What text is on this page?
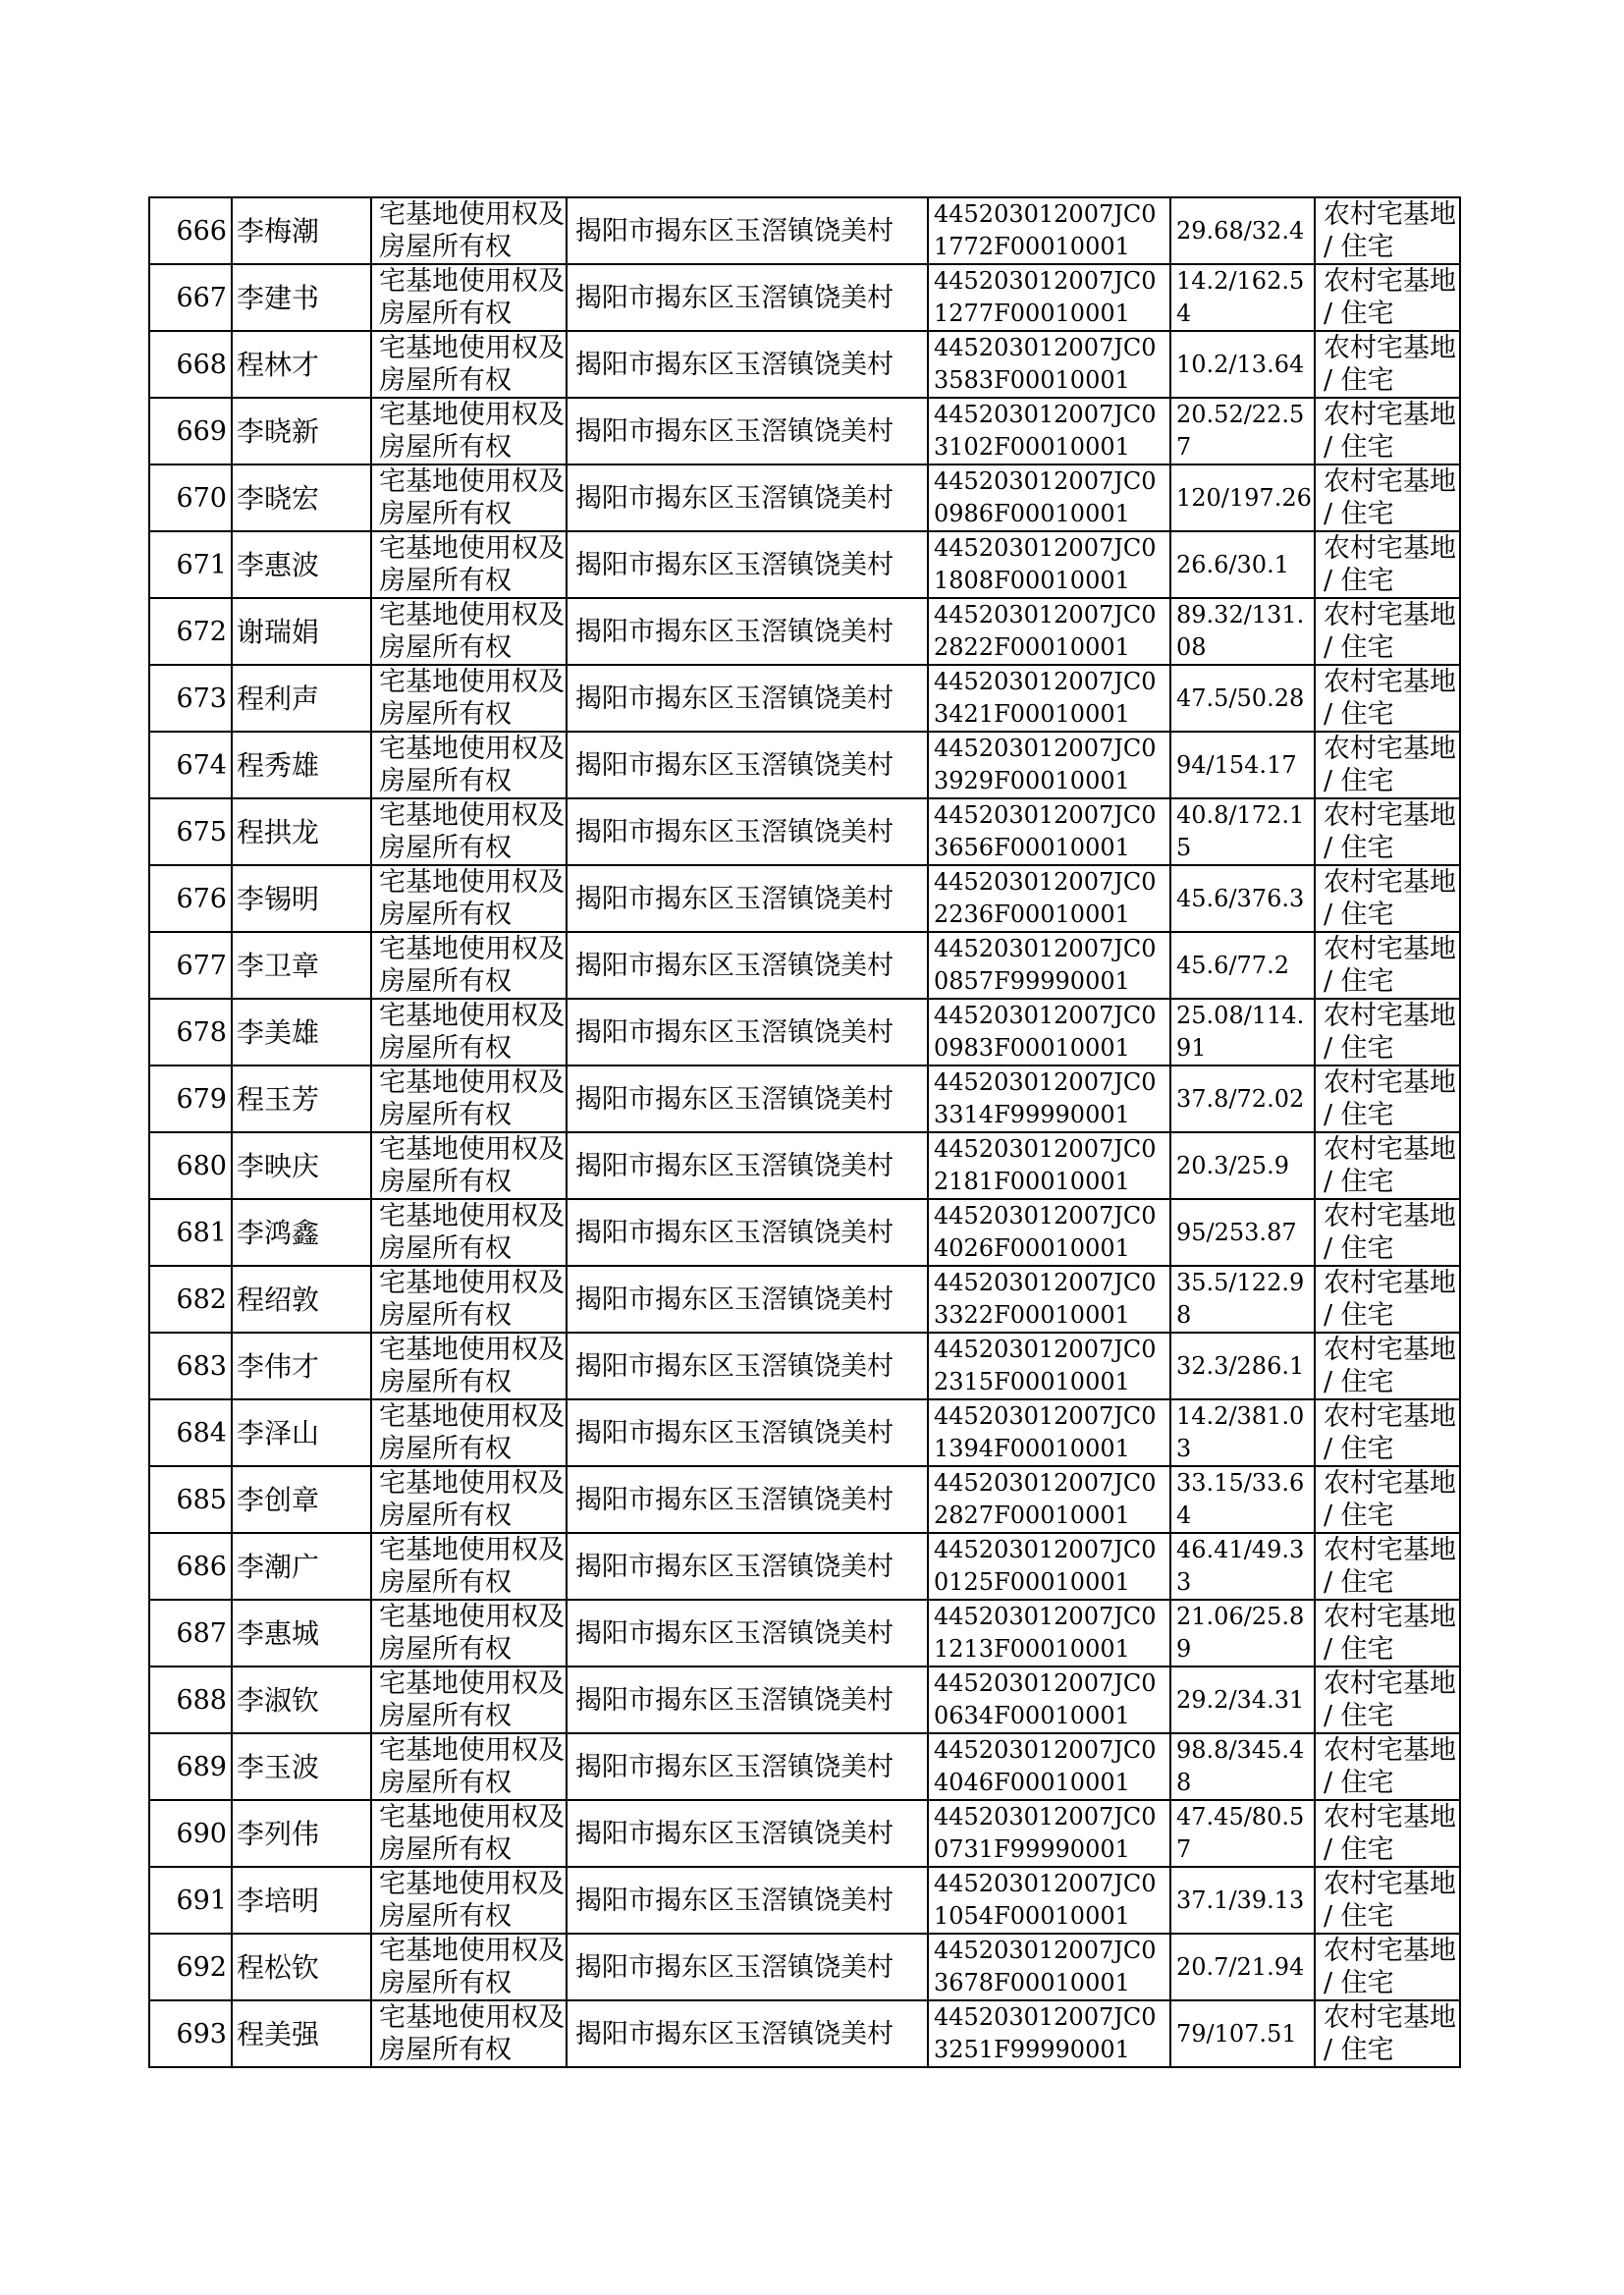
666	李梅潮	宅基地使用权及房屋所有权	揭阳市揭东区玉滘镇饶美村	445203012007JC01772F00010001	29.68/32.4	农村宅基地 / 住宅
667	李建书	宅基地使用权及房屋所有权	揭阳市揭东区玉滘镇饶美村	445203012007JC01277F00010001	14.2/162.54	农村宅基地 / 住宅
668	程林才	宅基地使用权及房屋所有权	揭阳市揭东区玉滘镇饶美村	445203012007JC03583F00010001	10.2/13.64	农村宅基地 / 住宅
669	李晓新	宅基地使用权及房屋所有权	揭阳市揭东区玉滘镇饶美村	445203012007JC03102F00010001	20.52/22.57	农村宅基地 / 住宅
670	李晓宏	宅基地使用权及房屋所有权	揭阳市揭东区玉滘镇饶美村	445203012007JC00986F00010001	120/197.26	农村宅基地 / 住宅
671	李惠波	宅基地使用权及房屋所有权	揭阳市揭东区玉滘镇饶美村	445203012007JC01808F00010001	26.6/30.1	农村宅基地 / 住宅
672	谢瑞娟	宅基地使用权及房屋所有权	揭阳市揭东区玉滘镇饶美村	445203012007JC02822F00010001	89.32/131.08	农村宅基地 / 住宅
673	程利声	宅基地使用权及房屋所有权	揭阳市揭东区玉滘镇饶美村	445203012007JC03421F00010001	47.5/50.28	农村宅基地 / 住宅
674	程秀雄	宅基地使用权及房屋所有权	揭阳市揭东区玉滘镇饶美村	445203012007JC03929F00010001	94/154.17	农村宅基地 / 住宅
675	程拱龙	宅基地使用权及房屋所有权	揭阳市揭东区玉滘镇饶美村	445203012007JC03656F00010001	40.8/172.15	农村宅基地 / 住宅
676	李锡明	宅基地使用权及房屋所有权	揭阳市揭东区玉滘镇饶美村	445203012007JC02236F00010001	45.6/376.3	农村宅基地 / 住宅
677	李卫章	宅基地使用权及房屋所有权	揭阳市揭东区玉滘镇饶美村	445203012007JC00857F99990001	45.6/77.2	农村宅基地 / 住宅
678	李美雄	宅基地使用权及房屋所有权	揭阳市揭东区玉滘镇饶美村	445203012007JC00983F00010001	25.08/114.91	农村宅基地 / 住宅
679	程玉芳	宅基地使用权及房屋所有权	揭阳市揭东区玉滘镇饶美村	445203012007JC03314F99990001	37.8/72.02	农村宅基地 / 住宅
680	李映庆	宅基地使用权及房屋所有权	揭阳市揭东区玉滘镇饶美村	445203012007JC02181F00010001	20.3/25.9	农村宅基地 / 住宅
681	李鸿鑫	宅基地使用权及房屋所有权	揭阳市揭东区玉滘镇饶美村	445203012007JC04026F00010001	95/253.87	农村宅基地 / 住宅
682	程绍敦	宅基地使用权及房屋所有权	揭阳市揭东区玉滘镇饶美村	445203012007JC03322F00010001	35.5/122.98	农村宅基地 / 住宅
683	李伟才	宅基地使用权及房屋所有权	揭阳市揭东区玉滘镇饶美村	445203012007JC02315F00010001	32.3/286.1	农村宅基地 / 住宅
684	李泽山	宅基地使用权及房屋所有权	揭阳市揭东区玉滘镇饶美村	445203012007JC01394F00010001	14.2/381.03	农村宅基地 / 住宅
685	李创章	宅基地使用权及房屋所有权	揭阳市揭东区玉滘镇饶美村	445203012007JC02827F00010001	33.15/33.64	农村宅基地 / 住宅
686	李潮广	宅基地使用权及房屋所有权	揭阳市揭东区玉滘镇饶美村	445203012007JC00125F00010001	46.41/49.33	农村宅基地 / 住宅
687	李惠城	宅基地使用权及房屋所有权	揭阳市揭东区玉滘镇饶美村	445203012007JC01213F00010001	21.06/25.89	农村宅基地 / 住宅
688	李淑钦	宅基地使用权及房屋所有权	揭阳市揭东区玉滘镇饶美村	445203012007JC00634F00010001	29.2/34.31	农村宅基地 / 住宅
689	李玉波	宅基地使用权及房屋所有权	揭阳市揭东区玉滘镇饶美村	445203012007JC04046F00010001	98.8/345.48	农村宅基地 / 住宅
690	李列伟	宅基地使用权及房屋所有权	揭阳市揭东区玉滘镇饶美村	445203012007JC00731F99990001	47.45/80.57	农村宅基地 / 住宅
691	李培明	宅基地使用权及房屋所有权	揭阳市揭东区玉滘镇饶美村	445203012007JC01054F00010001	37.1/39.13	农村宅基地 / 住宅
692	程松钦	宅基地使用权及房屋所有权	揭阳市揭东区玉滘镇饶美村	445203012007JC03678F00010001	20.7/21.94	农村宅基地 / 住宅
693	程美强	宅基地使用权及房屋所有权	揭阳市揭东区玉滘镇饶美村	445203012007JC03251F99990001	79/107.51	农村宅基地 / 住宅
